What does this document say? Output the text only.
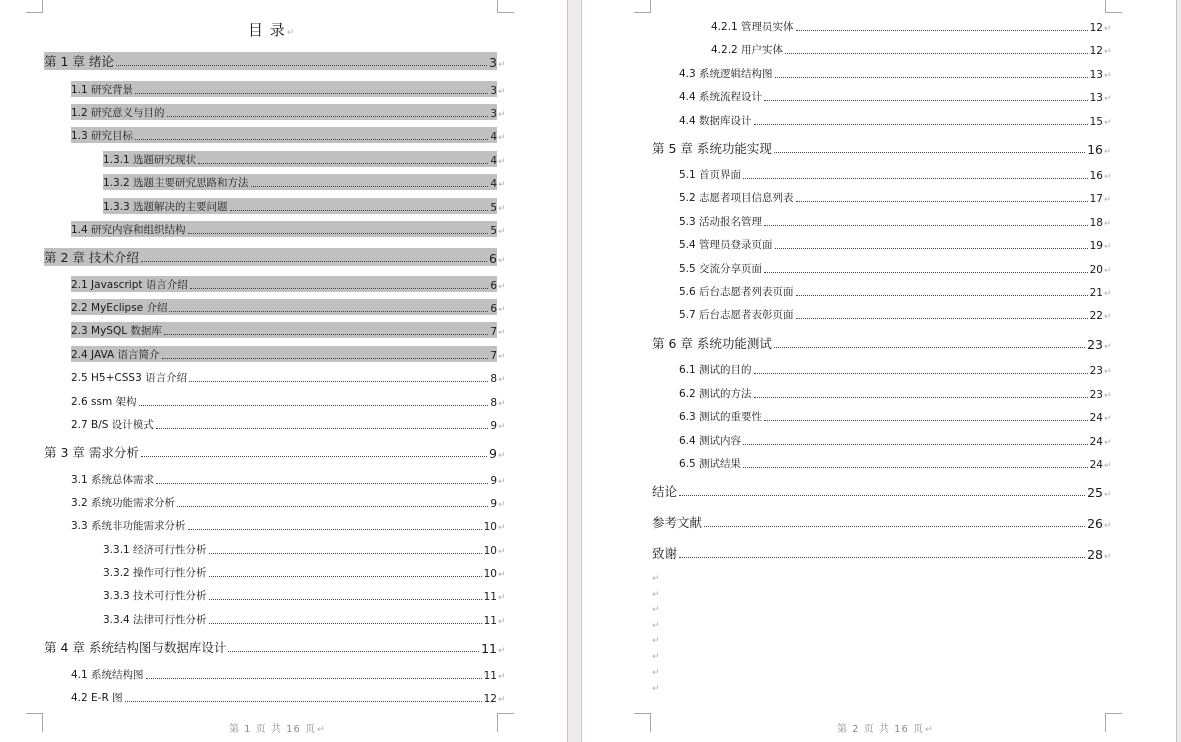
目 录↵
第 1 章 绪论	3 ↵
1.1 研究背景	3 ↵
1.2 研究意义与目的	3 ↵
1.3 研究目标	4 ↵
1.3.1 选题研究现状	4 ↵
1.3.2 选题主要研究思路和方法	4 ↵
1.3.3 选题解决的主要问题	5 ↵
1.4 研究内容和组织结构	5 ↵
第 2 章 技术介绍	6 ↵
2.1 Javascript 语言介绍	6 ↵
2.2 MyEclipse 介绍	6 ↵
2.3 MySQL 数据库	7 ↵
2.4 JAVA 语言简介	7 ↵
2.5 H5+CSS3 语言介绍	8 ↵
2.6 ssm 架构	8 ↵
2.7 B/S 设计模式	9 ↵
第 3 章 需求分析	9 ↵
3.1 系统总体需求	9 ↵
3.2 系统功能需求分析	9 ↵
3.3 系统非功能需求分析	10 ↵
3.3.1 经济可行性分析	10 ↵
3.3.2 操作可行性分析	10 ↵
3.3.3 技术可行性分析	11 ↵
3.3.4 法律可行性分析	11 ↵
第 4 章 系统结构图与数据库设计	11 ↵
4.1 系统结构图	11 ↵
4.2 E-R 图	12 ↵
第 1 页 共 16 页↵
4.2.1 管理员实体	12 ↵
4.2.2 用户实体	12 ↵
4.3 系统逻辑结构图	13 ↵
4.4 系统流程设计	13 ↵
4.4 数据库设计	15 ↵
第 5 章 系统功能实现	16 ↵
5.1 首页界面	16 ↵
5.2 志愿者项目信息列表	17 ↵
5.3 活动报名管理	18 ↵
5.4 管理员登录页面	19 ↵
5.5 交流分享页面	20 ↵
5.6 后台志愿者列表页面	21 ↵
5.7 后台志愿者表彰页面	22 ↵
第 6 章 系统功能测试	23 ↵
6.1 测试的目的	23 ↵
6.2 测试的方法	23 ↵
6.3 测试的重要性	24 ↵
6.4 测试内容	24 ↵
6.5 测试结果	24 ↵
结论	25 ↵
参考文献	26 ↵
致谢	28 ↵
↵
↵
↵
↵
↵
↵
↵
↵
第 2 页 共 16 页↵
